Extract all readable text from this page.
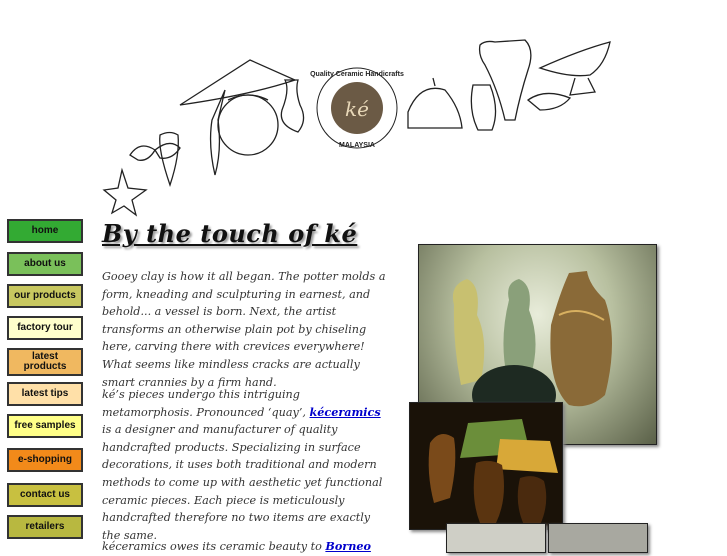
ké
Quality Ceramic Handicrafts
MALAYSIA
home
about us
our products
factory tour
latest
products
latest tips
free samples
e-shopping
contact us
retailers
By the touch of ké

Gooey clay is how it all began. The potter molds a form, kneading and sculpturing in earnest, and behold... a vessel is born. Next, the artist transforms an otherwise plain pot by chiseling here, carving there with crevices everywhere! What seems like mindless cracks are actually smart crannies by a firm hand.

ké’s pieces undergo this intriguing metamorphosis. Pronounced ‘quay’, kéceramics is a designer and manufacturer of quality handcrafted products. Specializing in surface decorations, it uses both traditional and modern methods to come up with aesthetic yet functional ceramic pieces. Each piece is meticulously handcrafted therefore no two items are exactly the same.

kéceramics owes its ceramic beauty to Borneo
